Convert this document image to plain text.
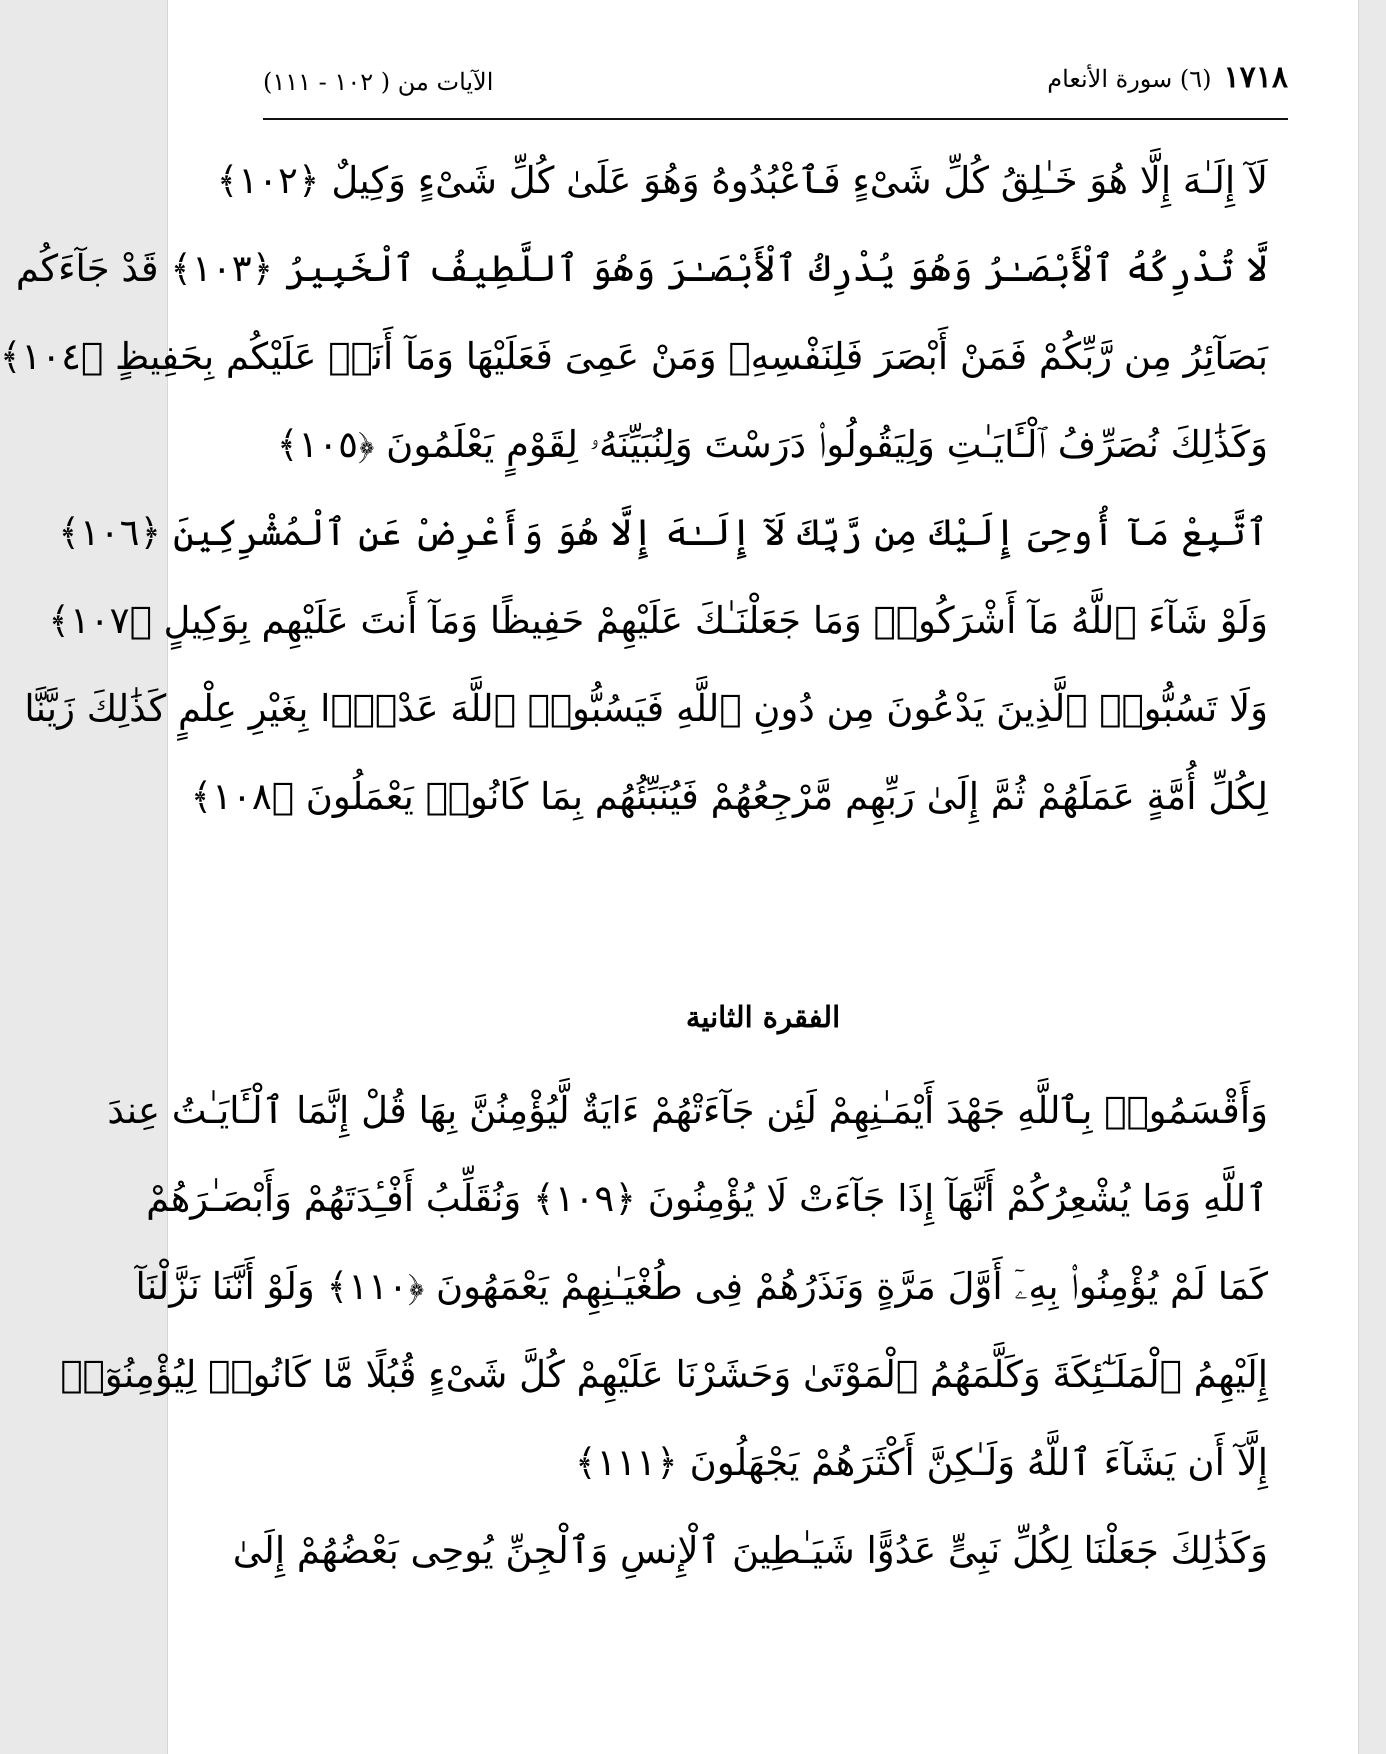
١٧١٨
(٦) سورة الأنعام
الآيات من ( ١٠٢ - ١١١)
لَآ إِلَـٰهَ إِلَّا هُوَ خَـٰلِقُ كُلِّ شَىْءٍ فَٱعْبُدُوهُ وَهُوَ عَلَىٰ كُلِّ شَىْءٍ وَكِيلٌ ﴿١٠٢﴾
لَّا تُدْرِكُهُ ٱلْأَبْصَـٰرُ وَهُوَ يُدْرِكُ ٱلْأَبْصَـٰرَ وَهُوَ ٱللَّطِيفُ ٱلْخَبِيرُ ﴿١٠٣﴾ قَدْ جَآءَكُم
بَصَآئِرُ مِن رَّبِّكُمْ فَمَنْ أَبْصَرَ فَلِنَفْسِهِۦ وَمَنْ عَمِىَ فَعَلَيْهَا وَمَآ أَنَا۠ عَلَيْكُم بِحَفِيظٍ ﴿١٠٤﴾
وَكَذَٰلِكَ نُصَرِّفُ ٱلْـَٔايَـٰتِ وَلِيَقُولُوا۟ دَرَسْتَ وَلِنُبَيِّنَهُۥ لِقَوْمٍ يَعْلَمُونَ ﴿١٠٥﴾
ٱتَّبِعْ مَآ أُوحِىَ إِلَيْكَ مِن رَّبِّكَ لَآ إِلَـٰهَ إِلَّا هُوَ وَأَعْرِضْ عَنِ ٱلْمُشْرِكِينَ ﴿١٠٦﴾
وَلَوْ شَآءَ ٱللَّهُ مَآ أَشْرَكُوا۟ وَمَا جَعَلْنَـٰكَ عَلَيْهِمْ حَفِيظًا وَمَآ أَنتَ عَلَيْهِم بِوَكِيلٍ ﴿١٠٧﴾
وَلَا تَسُبُّوا۟ ٱلَّذِينَ يَدْعُونَ مِن دُونِ ٱللَّهِ فَيَسُبُّوا۟ ٱللَّهَ عَدْوًۢا بِغَيْرِ عِلْمٍ كَذَٰلِكَ زَيَّنَّا
لِكُلِّ أُمَّةٍ عَمَلَهُمْ ثُمَّ إِلَىٰ رَبِّهِم مَّرْجِعُهُمْ فَيُنَبِّئُهُم بِمَا كَانُوا۟ يَعْمَلُونَ ﴿١٠٨﴾
الفقرة الثانية
وَأَقْسَمُوا۟ بِٱللَّهِ جَهْدَ أَيْمَـٰنِهِمْ لَئِن جَآءَتْهُمْ ءَايَةٌ لَّيُؤْمِنُنَّ بِهَا قُلْ إِنَّمَا ٱلْـَٔايَـٰتُ عِندَ
ٱللَّهِ وَمَا يُشْعِرُكُمْ أَنَّهَآ إِذَا جَآءَتْ لَا يُؤْمِنُونَ ﴿١٠٩﴾ وَنُقَلِّبُ أَفْـِٔدَتَهُمْ وَأَبْصَـٰرَهُمْ
كَمَا لَمْ يُؤْمِنُوا۟ بِهِۦٓ أَوَّلَ مَرَّةٍ وَنَذَرُهُمْ فِى طُغْيَـٰنِهِمْ يَعْمَهُونَ ﴿١١٠﴾ وَلَوْ أَنَّنَا نَزَّلْنَآ
إِلَيْهِمُ ٱلْمَلَـٰٓئِكَةَ وَكَلَّمَهُمُ ٱلْمَوْتَىٰ وَحَشَرْنَا عَلَيْهِمْ كُلَّ شَىْءٍ قُبُلًا مَّا كَانُوا۟ لِيُؤْمِنُوٓا۟
إِلَّآ أَن يَشَآءَ ٱللَّهُ وَلَـٰكِنَّ أَكْثَرَهُمْ يَجْهَلُونَ ﴿١١١﴾
وَكَذَٰلِكَ جَعَلْنَا لِكُلِّ نَبِىٍّ عَدُوًّا شَيَـٰطِينَ ٱلْإِنسِ وَٱلْجِنِّ يُوحِى بَعْضُهُمْ إِلَىٰ
